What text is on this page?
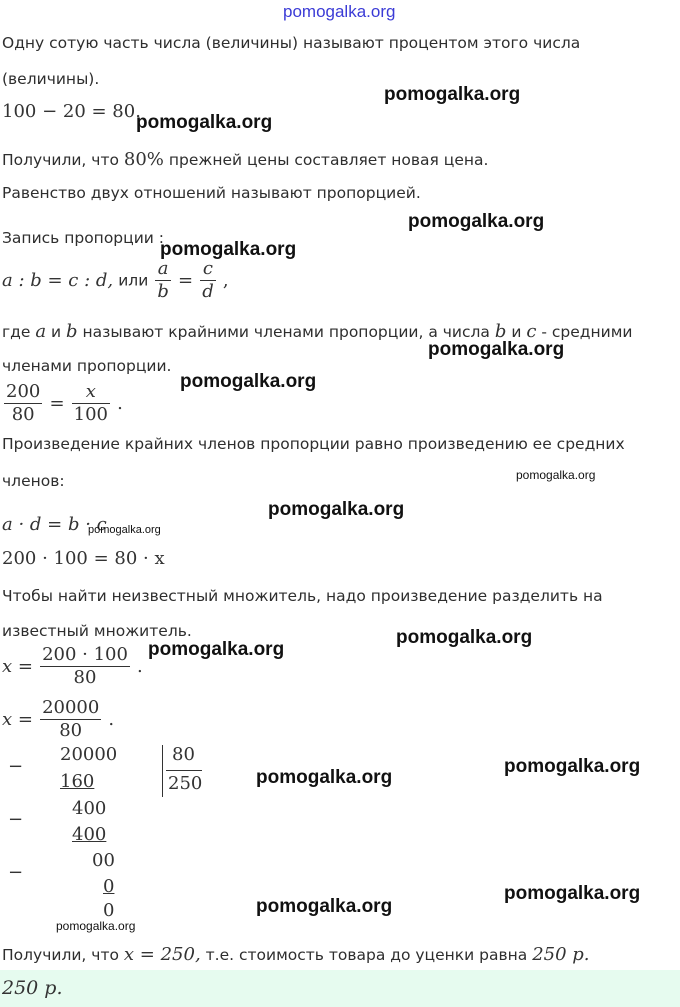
pomogalka.org
Одну сотую часть числа (величины) называют процентом этого числа
(величины).
100 − 20 = 80.
Получили, что 80% прежней цены составляет новая цена.
Равенство двух отношений называют пропорцией.
Запись пропорции :
a : b = c : d, или $\frac{a}{b} = \frac{c}{d}$ ,
где a и b называют крайними членами пропорции, а числа b и c - средними
членами пропорции.
$\frac{200}{80} = \frac{x}{100}$ .
Произведение крайних членов пропорции равно произведению ее средних
членов:
a · d = b · c
200 · 100 = 80 · x
Чтобы найти неизвестный множитель, надо произведение разделить на
известный множитель.
$x = \frac{200 \cdot 100}{80}$ .
$x = \frac{20000}{80}$ .
−
20000
160
80
250
−
400
400
−
00
0
0
Получили, что x = 250, т.е. стоимость товара до уценки равна 250 р.
250 р.
pomogalka.org
pomogalka.org
pomogalka.org
pomogalka.org
pomogalka.org
pomogalka.org
pomogalka.org
pomogalka.org
pomogalka.org
pomogalka.org
pomogalka.org
pomogalka.org
pomogalka.org
pomogalka.org
pomogalka.org
pomogalka.org
